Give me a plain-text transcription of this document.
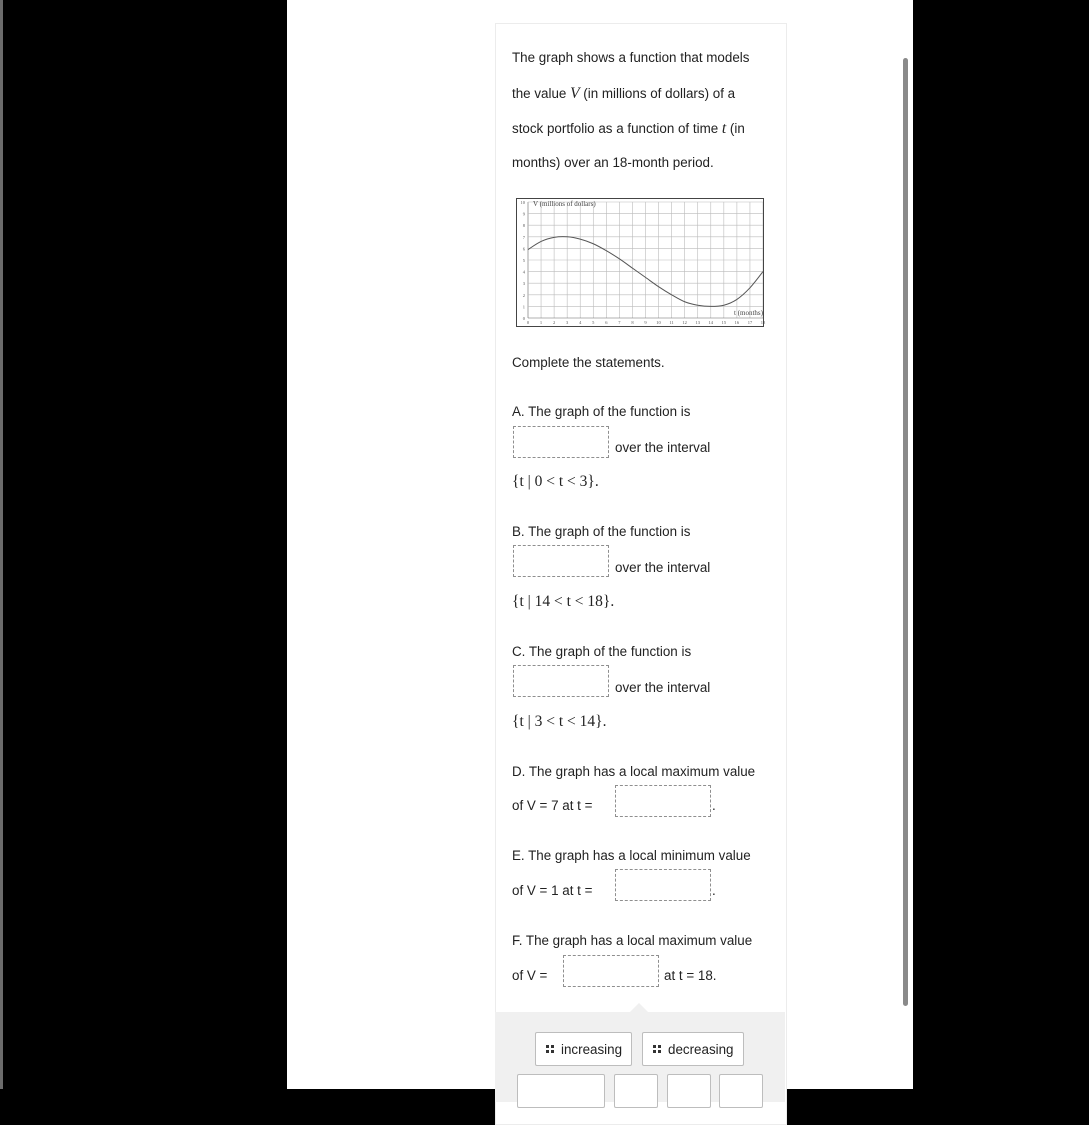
The graph shows a function that models
the value V (in millions of dollars) of a
stock portfolio as a function of time t (in
months) over an 18-month period.
10
9
8
7
6
5
4
3
2
1
0
0 1 2 3 4 5 6 7 8 9 10 11 12 13 14 15 16 17 18
V (millions of dollars)
t (months)
Complete the statements.
A. The graph of the function is
over the interval
{t | 0 < t < 3}.
B. The graph of the function is
over the interval
{t | 14 < t < 18}.
C. The graph of the function is
over the interval
{t | 3 < t < 14}.
D. The graph has a local maximum value
of V = 7 at t =	.
E. The graph has a local minimum value
of V = 1 at t =	.
F. The graph has a local maximum value
of V =	at t = 18.
increasing	decreasing
